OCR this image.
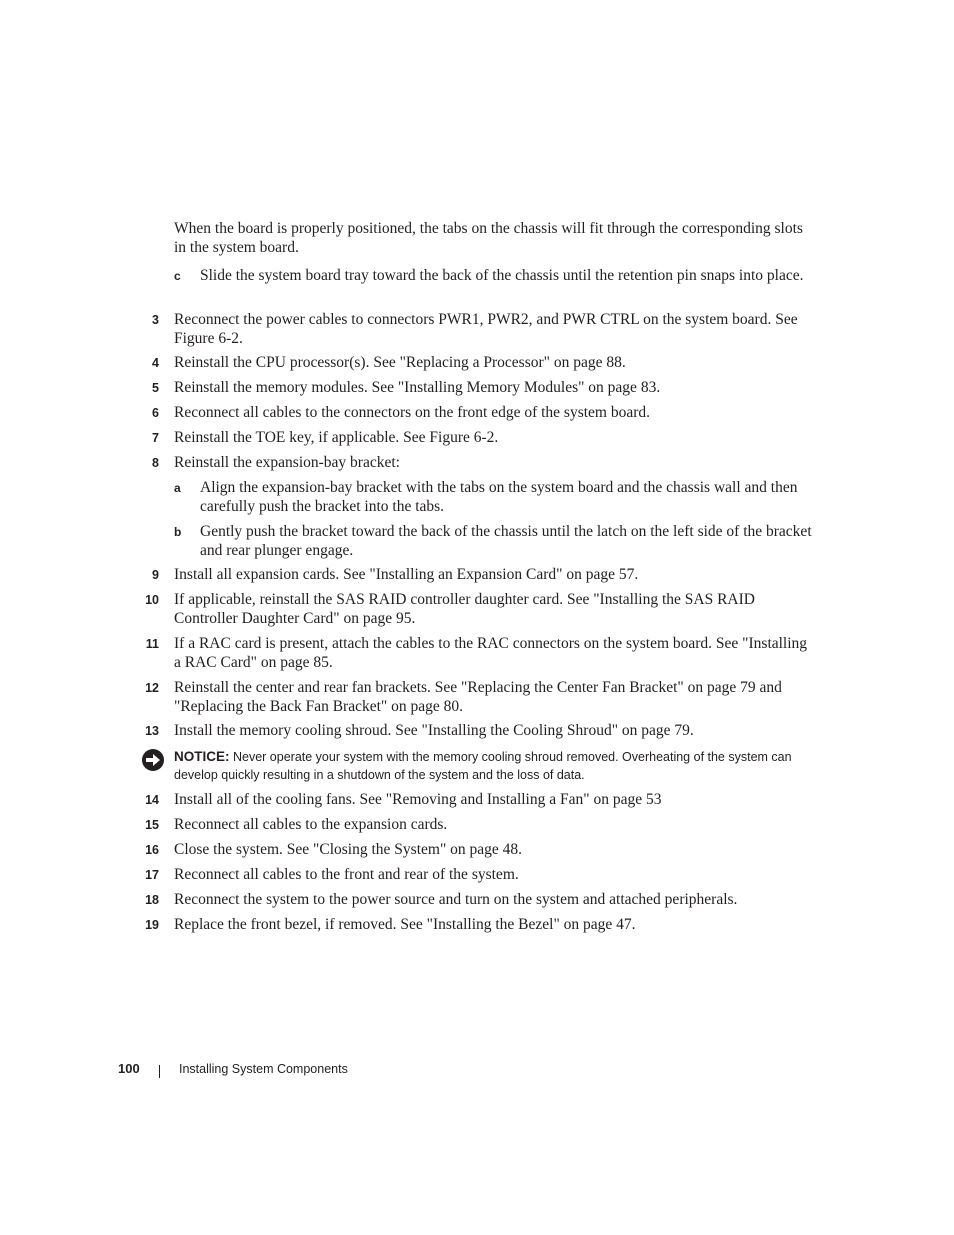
When the board is properly positioned, the tabs on the chassis will fit through the corresponding slots in the system board.
c Slide the system board tray toward the back of the chassis until the retention pin snaps into place.
3 Reconnect the power cables to connectors PWR1, PWR2, and PWR CTRL on the system board. See Figure 6-2.
4 Reinstall the CPU processor(s). See "Replacing a Processor" on page 88.
5 Reinstall the memory modules. See "Installing Memory Modules" on page 83.
6 Reconnect all cables to the connectors on the front edge of the system board.
7 Reinstall the TOE key, if applicable. See Figure 6-2.
8 Reinstall the expansion-bay bracket:
a Align the expansion-bay bracket with the tabs on the system board and the chassis wall and then carefully push the bracket into the tabs.
b Gently push the bracket toward the back of the chassis until the latch on the left side of the bracket and rear plunger engage.
9 Install all expansion cards. See "Installing an Expansion Card" on page 57.
10 If applicable, reinstall the SAS RAID controller daughter card. See "Installing the SAS RAID Controller Daughter Card" on page 95.
11 If a RAC card is present, attach the cables to the RAC connectors on the system board. See "Installing a RAC Card" on page 85.
12 Reinstall the center and rear fan brackets. See "Replacing the Center Fan Bracket" on page 79 and "Replacing the Back Fan Bracket" on page 80.
13 Install the memory cooling shroud. See "Installing the Cooling Shroud" on page 79.
NOTICE: Never operate your system with the memory cooling shroud removed. Overheating of the system can develop quickly resulting in a shutdown of the system and the loss of data.
14 Install all of the cooling fans. See "Removing and Installing a Fan" on page 53
15 Reconnect all cables to the expansion cards.
16 Close the system. See "Closing the System" on page 48.
17 Reconnect all cables to the front and rear of the system.
18 Reconnect the system to the power source and turn on the system and attached peripherals.
19 Replace the front bezel, if removed. See "Installing the Bezel" on page 47.
100	Installing System Components
